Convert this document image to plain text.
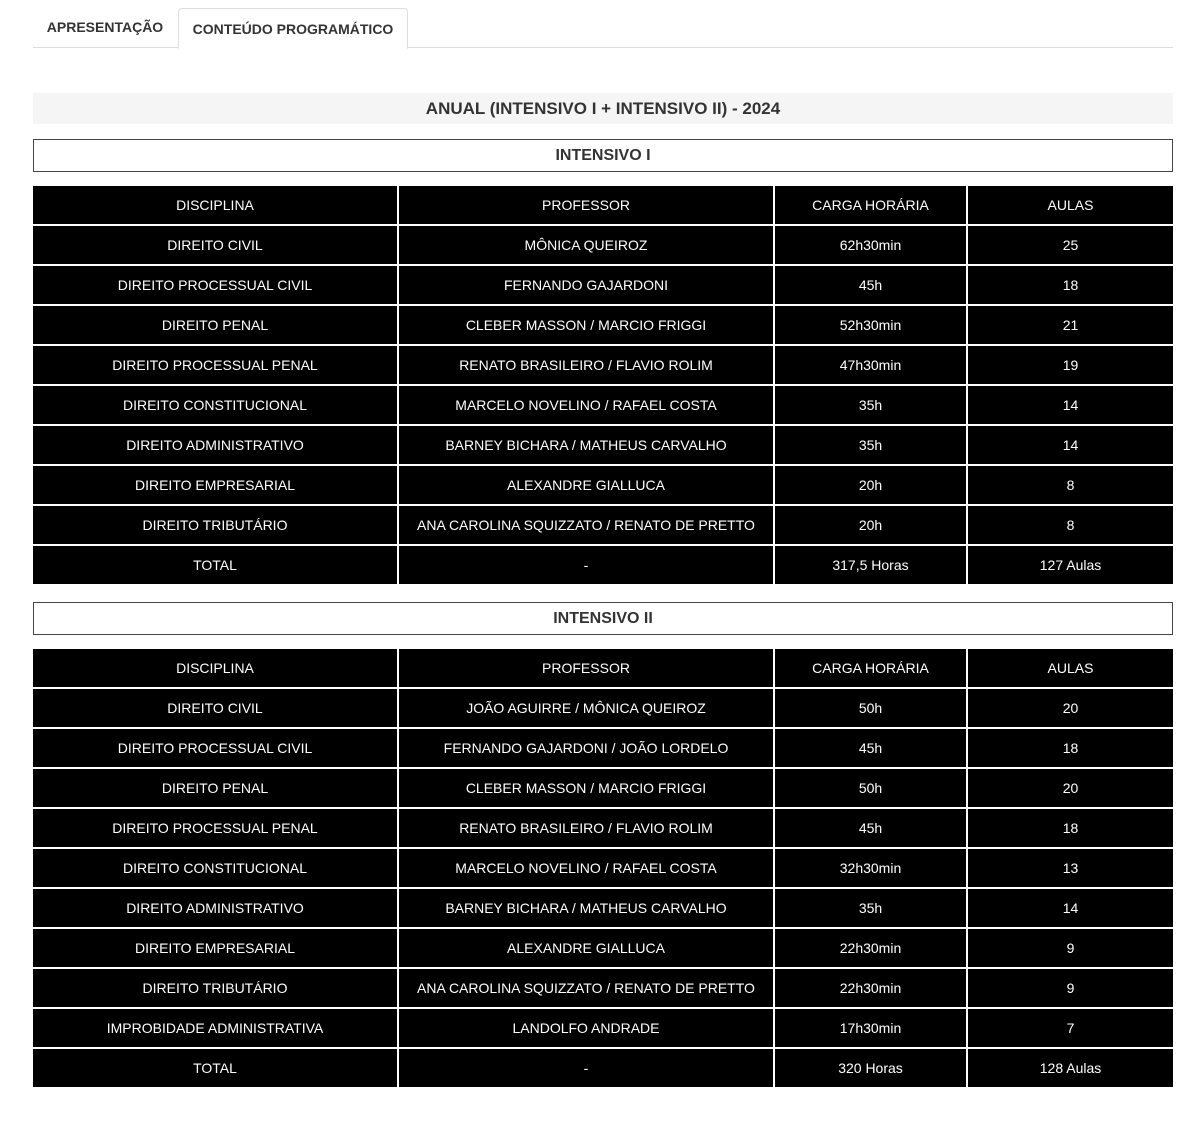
APRESENTAÇÃO	CONTEÚDO PROGRAMÁTICO
ANUAL (INTENSIVO I + INTENSIVO II) - 2024
INTENSIVO I
DISCIPLINA	PROFESSOR	CARGA HORÁRIA	AULAS
DIREITO CIVIL	MÔNICA QUEIROZ	62h30min	25
DIREITO PROCESSUAL CIVIL	FERNANDO GAJARDONI	45h	18
DIREITO PENAL	CLEBER MASSON / MARCIO FRIGGI	52h30min	21
DIREITO PROCESSUAL PENAL	RENATO BRASILEIRO / FLAVIO ROLIM	47h30min	19
DIREITO CONSTITUCIONAL	MARCELO NOVELINO / RAFAEL COSTA	35h	14
DIREITO ADMINISTRATIVO	BARNEY BICHARA / MATHEUS CARVALHO	35h	14
DIREITO EMPRESARIAL	ALEXANDRE GIALLUCA	20h	8
DIREITO TRIBUTÁRIO	ANA CAROLINA SQUIZZATO / RENATO DE PRETTO	20h	8
TOTAL	-	317,5 Horas	127 Aulas
INTENSIVO II
DISCIPLINA	PROFESSOR	CARGA HORÁRIA	AULAS
DIREITO CIVIL	JOÃO AGUIRRE / MÔNICA QUEIROZ	50h	20
DIREITO PROCESSUAL CIVIL	FERNANDO GAJARDONI / JOÃO LORDELO	45h	18
DIREITO PENAL	CLEBER MASSON / MARCIO FRIGGI	50h	20
DIREITO PROCESSUAL PENAL	RENATO BRASILEIRO / FLAVIO ROLIM	45h	18
DIREITO CONSTITUCIONAL	MARCELO NOVELINO / RAFAEL COSTA	32h30min	13
DIREITO ADMINISTRATIVO	BARNEY BICHARA / MATHEUS CARVALHO	35h	14
DIREITO EMPRESARIAL	ALEXANDRE GIALLUCA	22h30min	9
DIREITO TRIBUTÁRIO	ANA CAROLINA SQUIZZATO / RENATO DE PRETTO	22h30min	9
IMPROBIDADE ADMINISTRATIVA	LANDOLFO ANDRADE	17h30min	7
TOTAL	-	320 Horas	128 Aulas
